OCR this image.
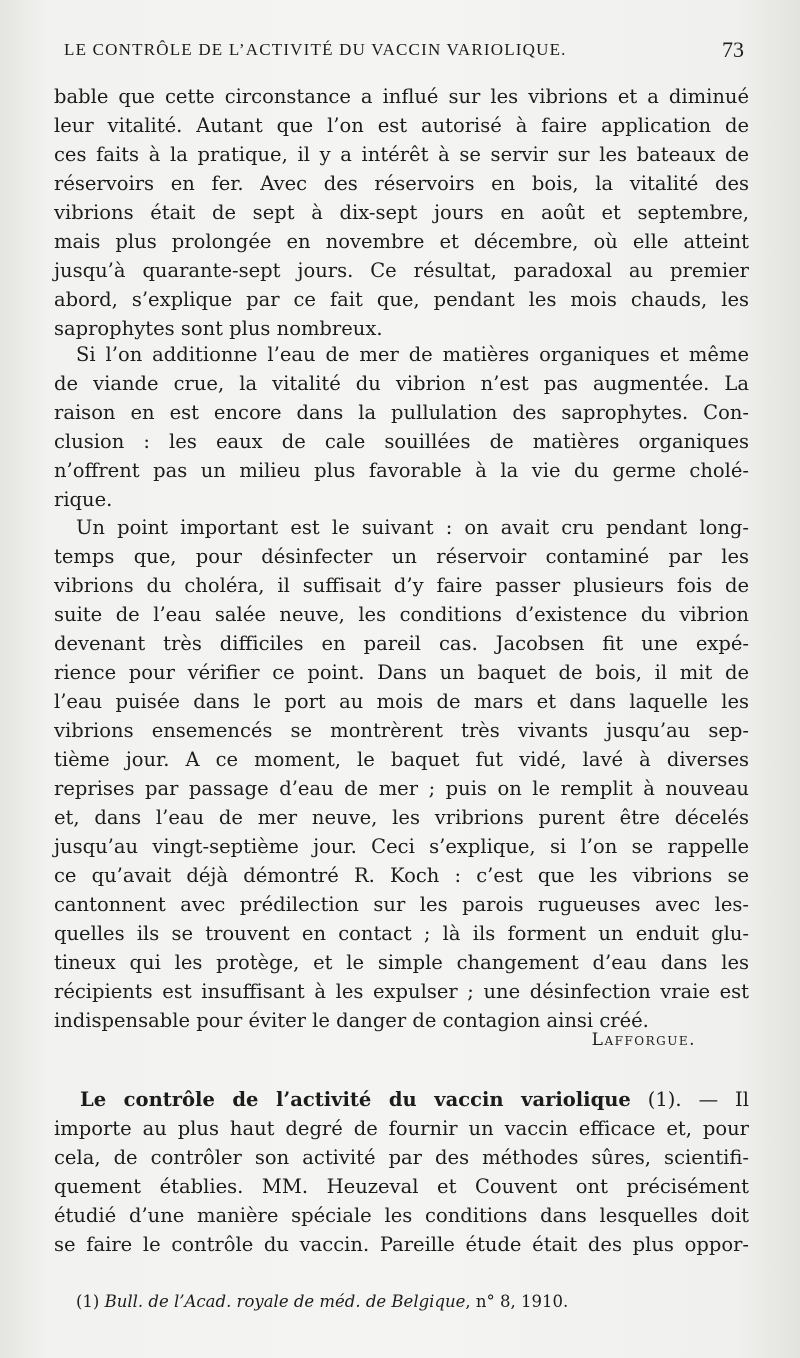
LE CONTRÔLE DE L’ACTIVITÉ DU VACCIN VARIOLIQUE.	73
bable que cette circonstance a influé sur les vibrions et a diminué
leur vitalité. Autant que l’on est autorisé à faire application de
ces faits à la pratique, il y a intérêt à se servir sur les bateaux de
réservoirs en fer. Avec des réservoirs en bois, la vitalité des
vibrions était de sept à dix-sept jours en août et septembre,
mais plus prolongée en novembre et décembre, où elle atteint
jusqu’à quarante-sept jours. Ce résultat, paradoxal au premier
abord, s’explique par ce fait que, pendant les mois chauds, les
saprophytes sont plus nombreux.
Si l’on additionne l’eau de mer de matières organiques et même
de viande crue, la vitalité du vibrion n’est pas augmentée. La
raison en est encore dans la pullulation des saprophytes. Con-
clusion : les eaux de cale souillées de matières organiques
n’offrent pas un milieu plus favorable à la vie du germe cholé-
rique.
Un point important est le suivant : on avait cru pendant long-
temps que, pour désinfecter un réservoir contaminé par les
vibrions du choléra, il suffisait d’y faire passer plusieurs fois de
suite de l’eau salée neuve, les conditions d’existence du vibrion
devenant très difficiles en pareil cas. Jacobsen fit une expé-
rience pour vérifier ce point. Dans un baquet de bois, il mit de
l’eau puisée dans le port au mois de mars et dans laquelle les
vibrions ensemencés se montrèrent très vivants jusqu’au sep-
tième jour. A ce moment, le baquet fut vidé, lavé à diverses
reprises par passage d’eau de mer ; puis on le remplit à nouveau
et, dans l’eau de mer neuve, les vribrions purent être décelés
jusqu’au vingt-septième jour. Ceci s’explique, si l’on se rappelle
ce qu’avait déjà démontré R. Koch : c’est que les vibrions se
cantonnent avec prédilection sur les parois rugueuses avec les-
quelles ils se trouvent en contact ; là ils forment un enduit glu-
tineux qui les protège, et le simple changement d’eau dans les
récipients est insuffisant à les expulser ; une désinfection vraie est
indispensable pour éviter le danger de contagion ainsi créé.
Lafforgue.
Le contrôle de l’activité du vaccin variolique (1). — Il
importe au plus haut degré de fournir un vaccin efficace et, pour
cela, de contrôler son activité par des méthodes sûres, scientifi-
quement établies. MM. Heuzeval et Couvent ont précisément
étudié d’une manière spéciale les conditions dans lesquelles doit
se faire le contrôle du vaccin. Pareille étude était des plus oppor-
(1) Bull. de l’Acad. royale de méd. de Belgique, n° 8, 1910.
